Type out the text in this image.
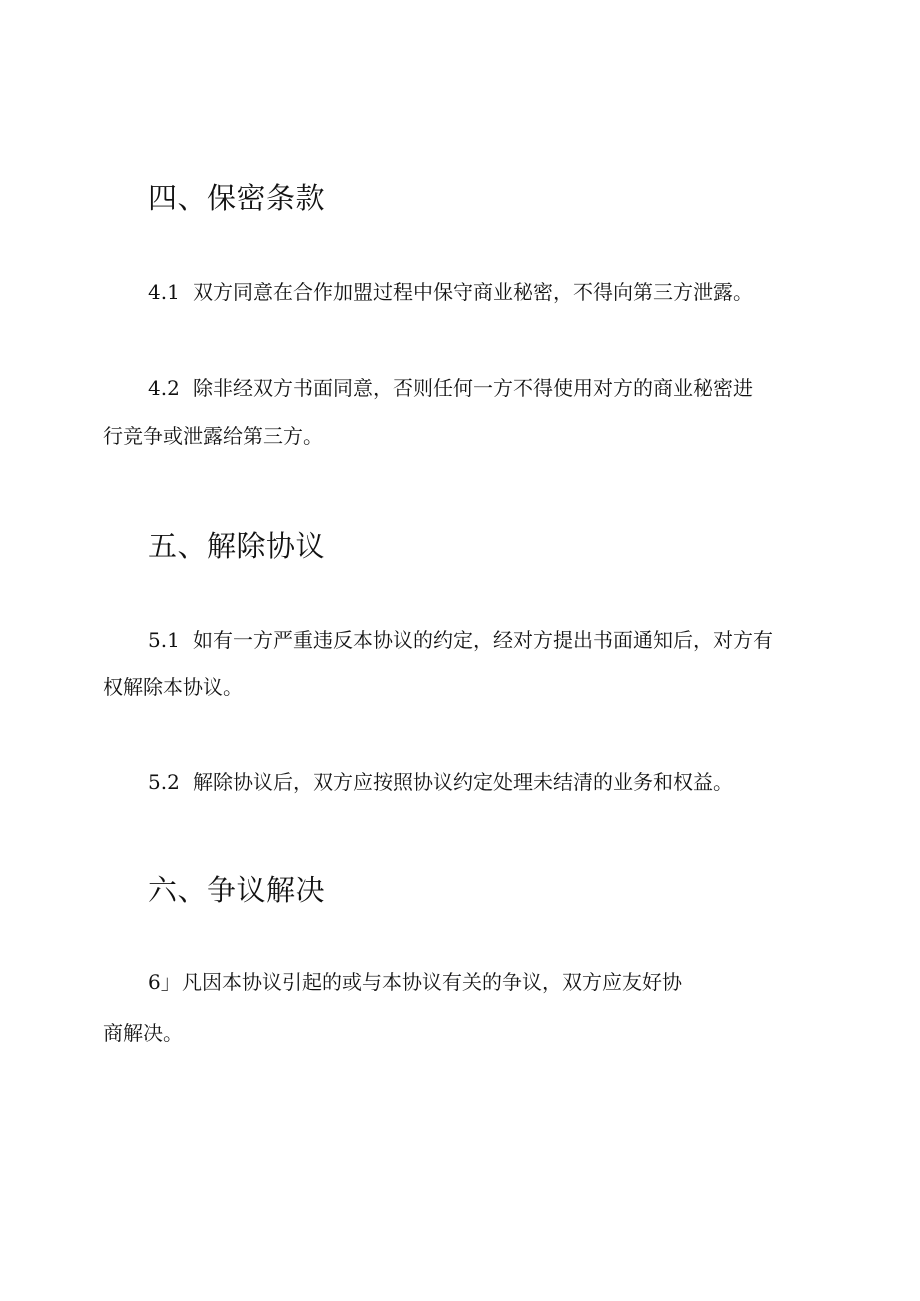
四、保密条款

4.1 双方同意在合作加盟过程中保守商业秘密，不得向第三方泄露。

4.2 除非经双方书面同意，否则任何一方不得使用对方的商业秘密进

行竞争或泄露给第三方。

五、解除协议

5.1 如有一方严重违反本协议的约定，经对方提出书面通知后，对方有

权解除本协议。

5.2 解除协议后，双方应按照协议约定处理未结清的业务和权益。

六、争议解决

6」凡因本协议引起的或与本协议有关的争议，双方应友好协

商解决。
